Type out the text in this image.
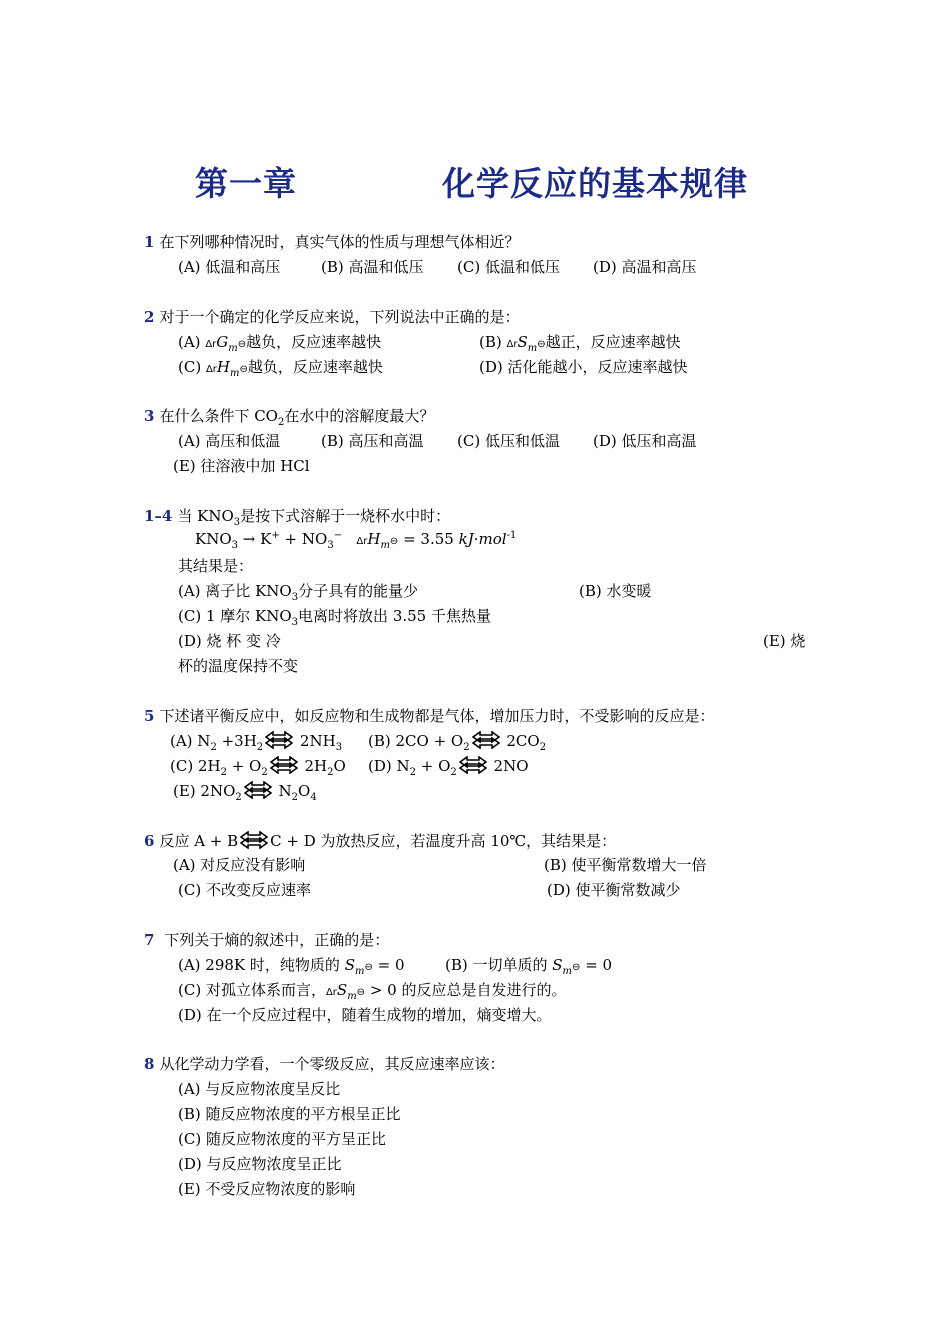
第一章	化学反应的基本规律
1 在下列哪种情况时，真实气体的性质与理想气体相近？
(A) 低温和高压	(B) 高温和低压 (C) 低温和低压 (D) 高温和高压
2 对于一个确定的化学反应来说，下列说法中正确的是：
(A) ΔrG$_m$⊖越负，反应速率越快	(B) ΔrS$_m$⊖越正，反应速率越快
(C) ΔrH$_m$⊖越负，反应速率越快	(D) 活化能越小，反应速率越快
3 在什么条件下 $CO_2$在水中的溶解度最大？
(A) 高压和低温	(B) 高压和高温 (C) 低压和低温 (D) 低压和高温
(E) 往溶液中加 HCl
1–4 当 $KNO_3$是按下式溶解于一烧杯水中时：
$KNO_3 \to K^+ + NO_3^-$   ΔrH$_m$⊖ = 3.55 kJ·mol$^{-1}$
其结果是：
(A) 离子比 $KNO_3$分子具有的能量少	(B) 水变暖
(C) 1 摩尔 $KNO_3$电离时将放出 3.55 千焦热量
(D) 烧 杯 变 冷	(E) 烧
杯的温度保持不变
5 下述诸平衡反应中，如反应物和生成物都是气体，增加压力时，不受影响的反应是：
(A) $N_2 +3H_2$ $2NH_3$ (B) $2CO + O_2$ $2CO_2$
(C) $2H_2 + O_2$ $2H_2O$ (D) $N_2 + O_2$ 2NO
(E) $2NO_2$ $N_2O_4$
6 反应 A + B C + D 为放热反应，若温度升高 10℃，其结果是：
(A) 对反应没有影响	(B) 使平衡常数增大一倍
(C) 不改变反应速率	(D) 使平衡常数减少
7 下列关于熵的叙述中，正确的是：
(A) 298K 时，纯物质的 $S_m⊖ = 0$	(B) 一切单质的 $S_m⊖ = 0$
(C) 对孤立体系而言，ΔrS$_m$⊖ > 0 的反应总是自发进行的。
(D) 在一个反应过程中，随着生成物的增加，熵变增大。
8 从化学动力学看，一个零级反应，其反应速率应该：
(A) 与反应物浓度呈反比
(B) 随反应物浓度的平方根呈正比
(C) 随反应物浓度的平方呈正比
(D) 与反应物浓度呈正比
(E) 不受反应物浓度的影响
